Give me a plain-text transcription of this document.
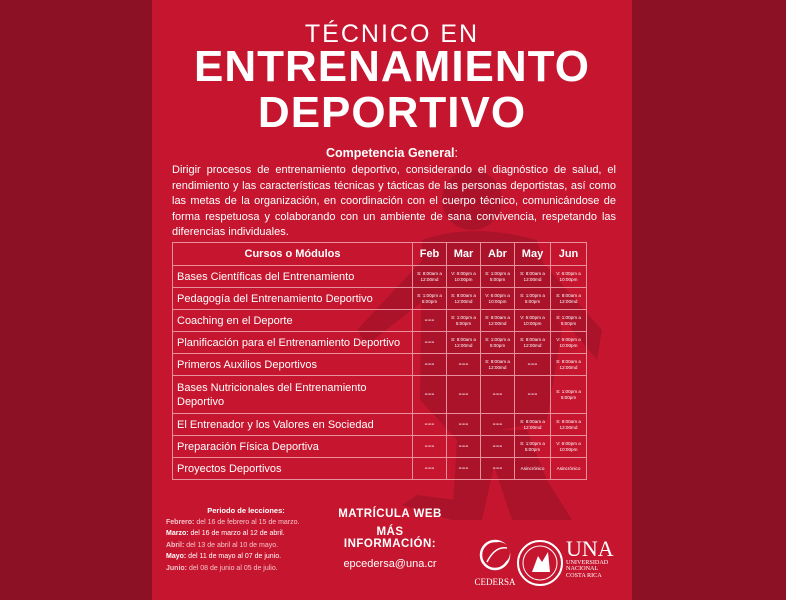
TÉCNICO EN
ENTRENAMIENTO
DEPORTIVO
Competencia General:
Dirigir procesos de entrenamiento deportivo, considerando el diagnóstico de salud, el rendimiento y las características técnicas y tácticas de las personas deportistas, así como las metas de la organización, en coordinación con el cuerpo técnico, comunicándose de forma respetuosa y colaborando con un ambiente de sana convivencia, respetando las diferencias individuales.
Cursos o Módulos	Feb	Mar	Abr	May	Jun
Bases Científicas del Entrenamiento	S: 8:00am a 12:00md	V: 6:00pm a 10:00pm	S: 1:00pm a 5:00pm	S: 8:00am a 12:00md	V: 6:00pm a 10:00pm
Pedagogía del Entrenamiento Deportivo	S: 1:00pm a 5:00pm	S: 8:00am a 12:00md	V: 6:00pm a 10:00pm	S: 1:00pm a 5:00pm	S: 8:00am a 12:00md
Coaching en el Deporte	---	S: 1:00pm a 5:00pm	S: 8:00am a 12:00md	V: 6:00pm a 10:00pm	S: 1:00pm a 5:00pm
Planificación para el Entrenamiento Deportivo	---	S: 8:00am a 12:00md	S: 1:00pm a 5:00pm	S: 8:00am a 12:00md	V: 6:00pm a 10:00pm
Primeros Auxilios Deportivos	---	---	S: 8:00am a 12:00md	---	S: 8:00am a 12:00md
Bases Nutricionales del Entrenamiento Deportivo	---	---	---	---	S: 1:00pm a 5:00pm
El Entrenador y los Valores en Sociedad	---	---	---	S: 8:00am a 12:00md	S: 8:00am a 12:00md
Preparación Física Deportiva	---	---	---	S: 1:00pm a 5:00pm	V: 6:00pm a 10:00pm
Proyectos Deportivos	---	---	---	Asincrónico	Asincrónico
Periodo de lecciones:
Febrero: del 16 de febrero al 15 de marzo.
Marzo: del 16 de marzo al 12 de abril.
Abril: del 13 de abril al 10 de mayo.
Mayo: del 11 de mayo al 07 de junio.
Junio: del 08 de junio al 05 de julio.
MATRÍCULA WEB
MÁS INFORMACIÓN:
epcedersa@una.cr
CEDERSA
UNA
UNIVERSIDAD
NACIONAL
COSTA RICA
